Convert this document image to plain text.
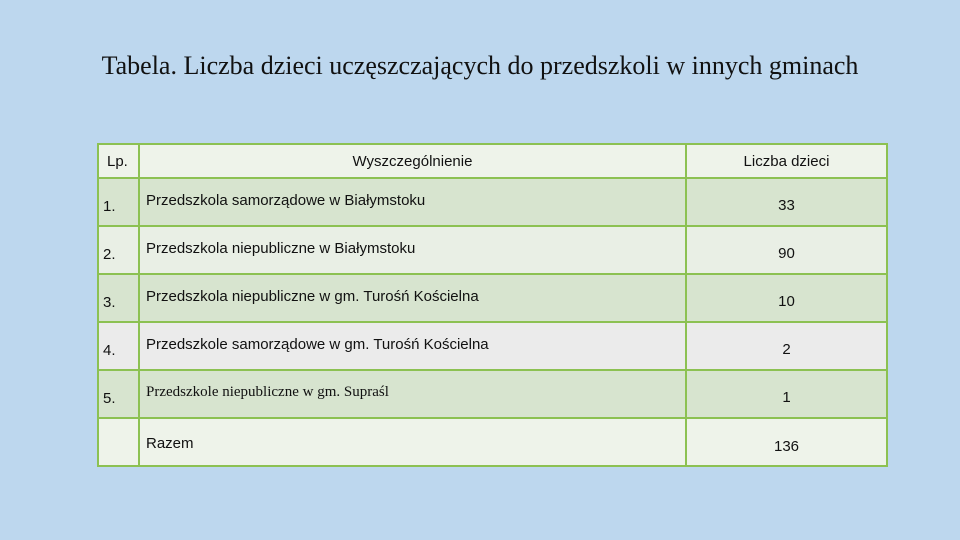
Tabela. Liczba dzieci uczęszczających do przedszkoli w innych gminach
Lp.	Wyszczególnienie	Liczba dzieci
1.	Przedszkola samorządowe w Białymstoku	33
2.	Przedszkola niepubliczne w Białymstoku	90
3.	Przedszkola niepubliczne w gm. Turośń Kościelna	10
4.	Przedszkole samorządowe w gm. Turośń Kościelna	2
5.	Przedszkole niepubliczne w gm. Supraśl	1
	Razem	136
